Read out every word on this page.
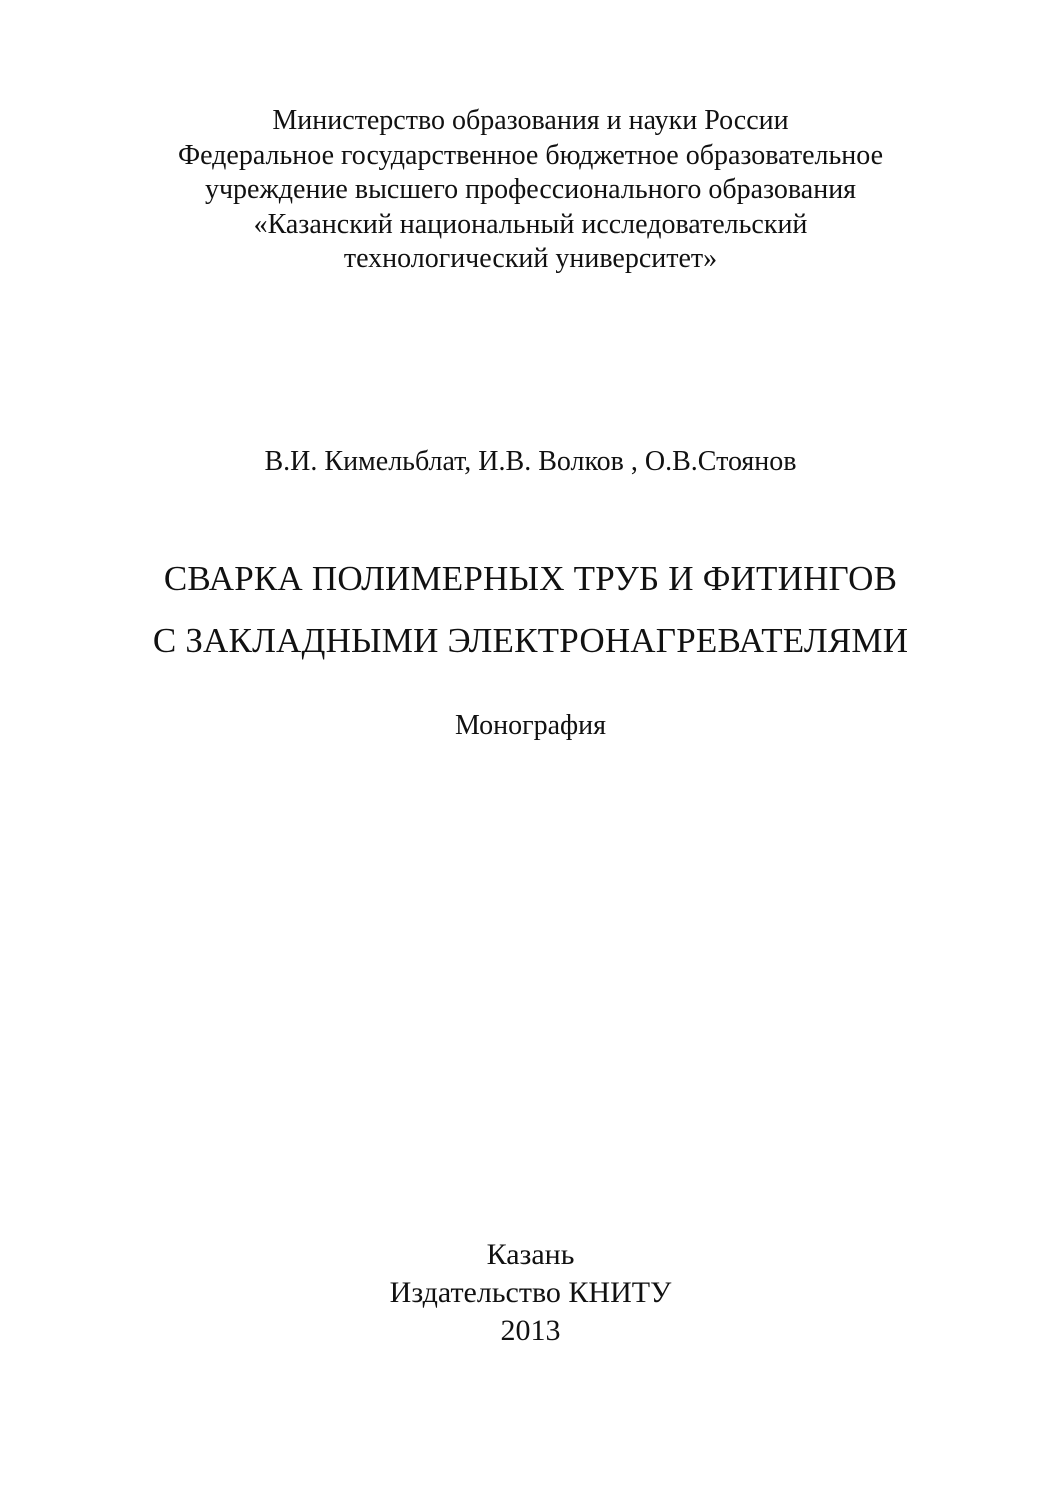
Министерство образования и науки России
Федеральное государственное бюджетное образовательное
учреждение высшего профессионального образования
«Казанский национальный исследовательский
технологический университет»
В.И. Кимельблат, И.В. Волков , О.В.Стоянов
СВАРКА ПОЛИМЕРНЫХ ТРУБ И ФИТИНГОВ
С ЗАКЛАДНЫМИ ЭЛЕКТРОНАГРЕВАТЕЛЯМИ
Монография
Казань
Издательство КНИТУ
2013
